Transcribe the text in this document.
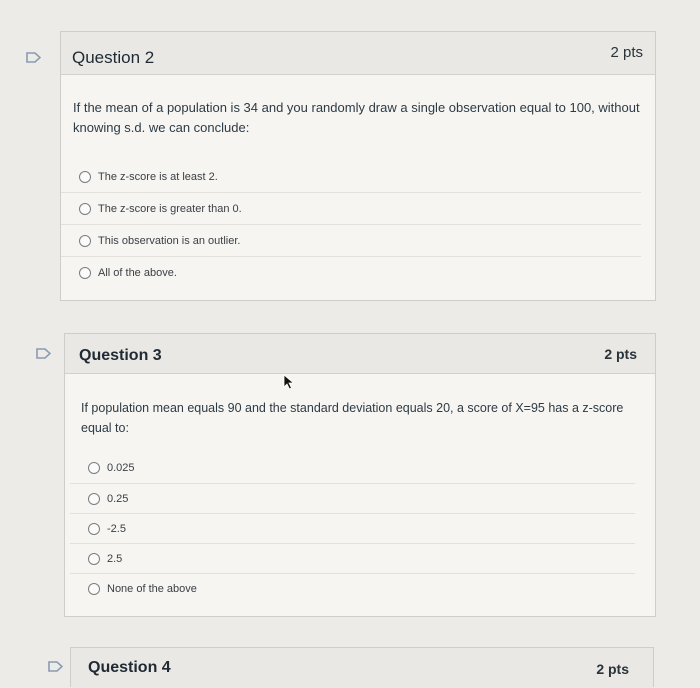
Question 2	2 pts
If the mean of a population is 34 and you randomly draw a single observation equal to 100, without knowing s.d. we can conclude:
The z-score is at least 2.
The z-score is greater than 0.
This observation is an outlier.
All of the above.
Question 3	2 pts
If population mean equals 90 and the standard deviation equals 20, a score of X=95 has a z-score equal to:
0.025
0.25
-2.5
2.5
None of the above
Question 4	2 pts
